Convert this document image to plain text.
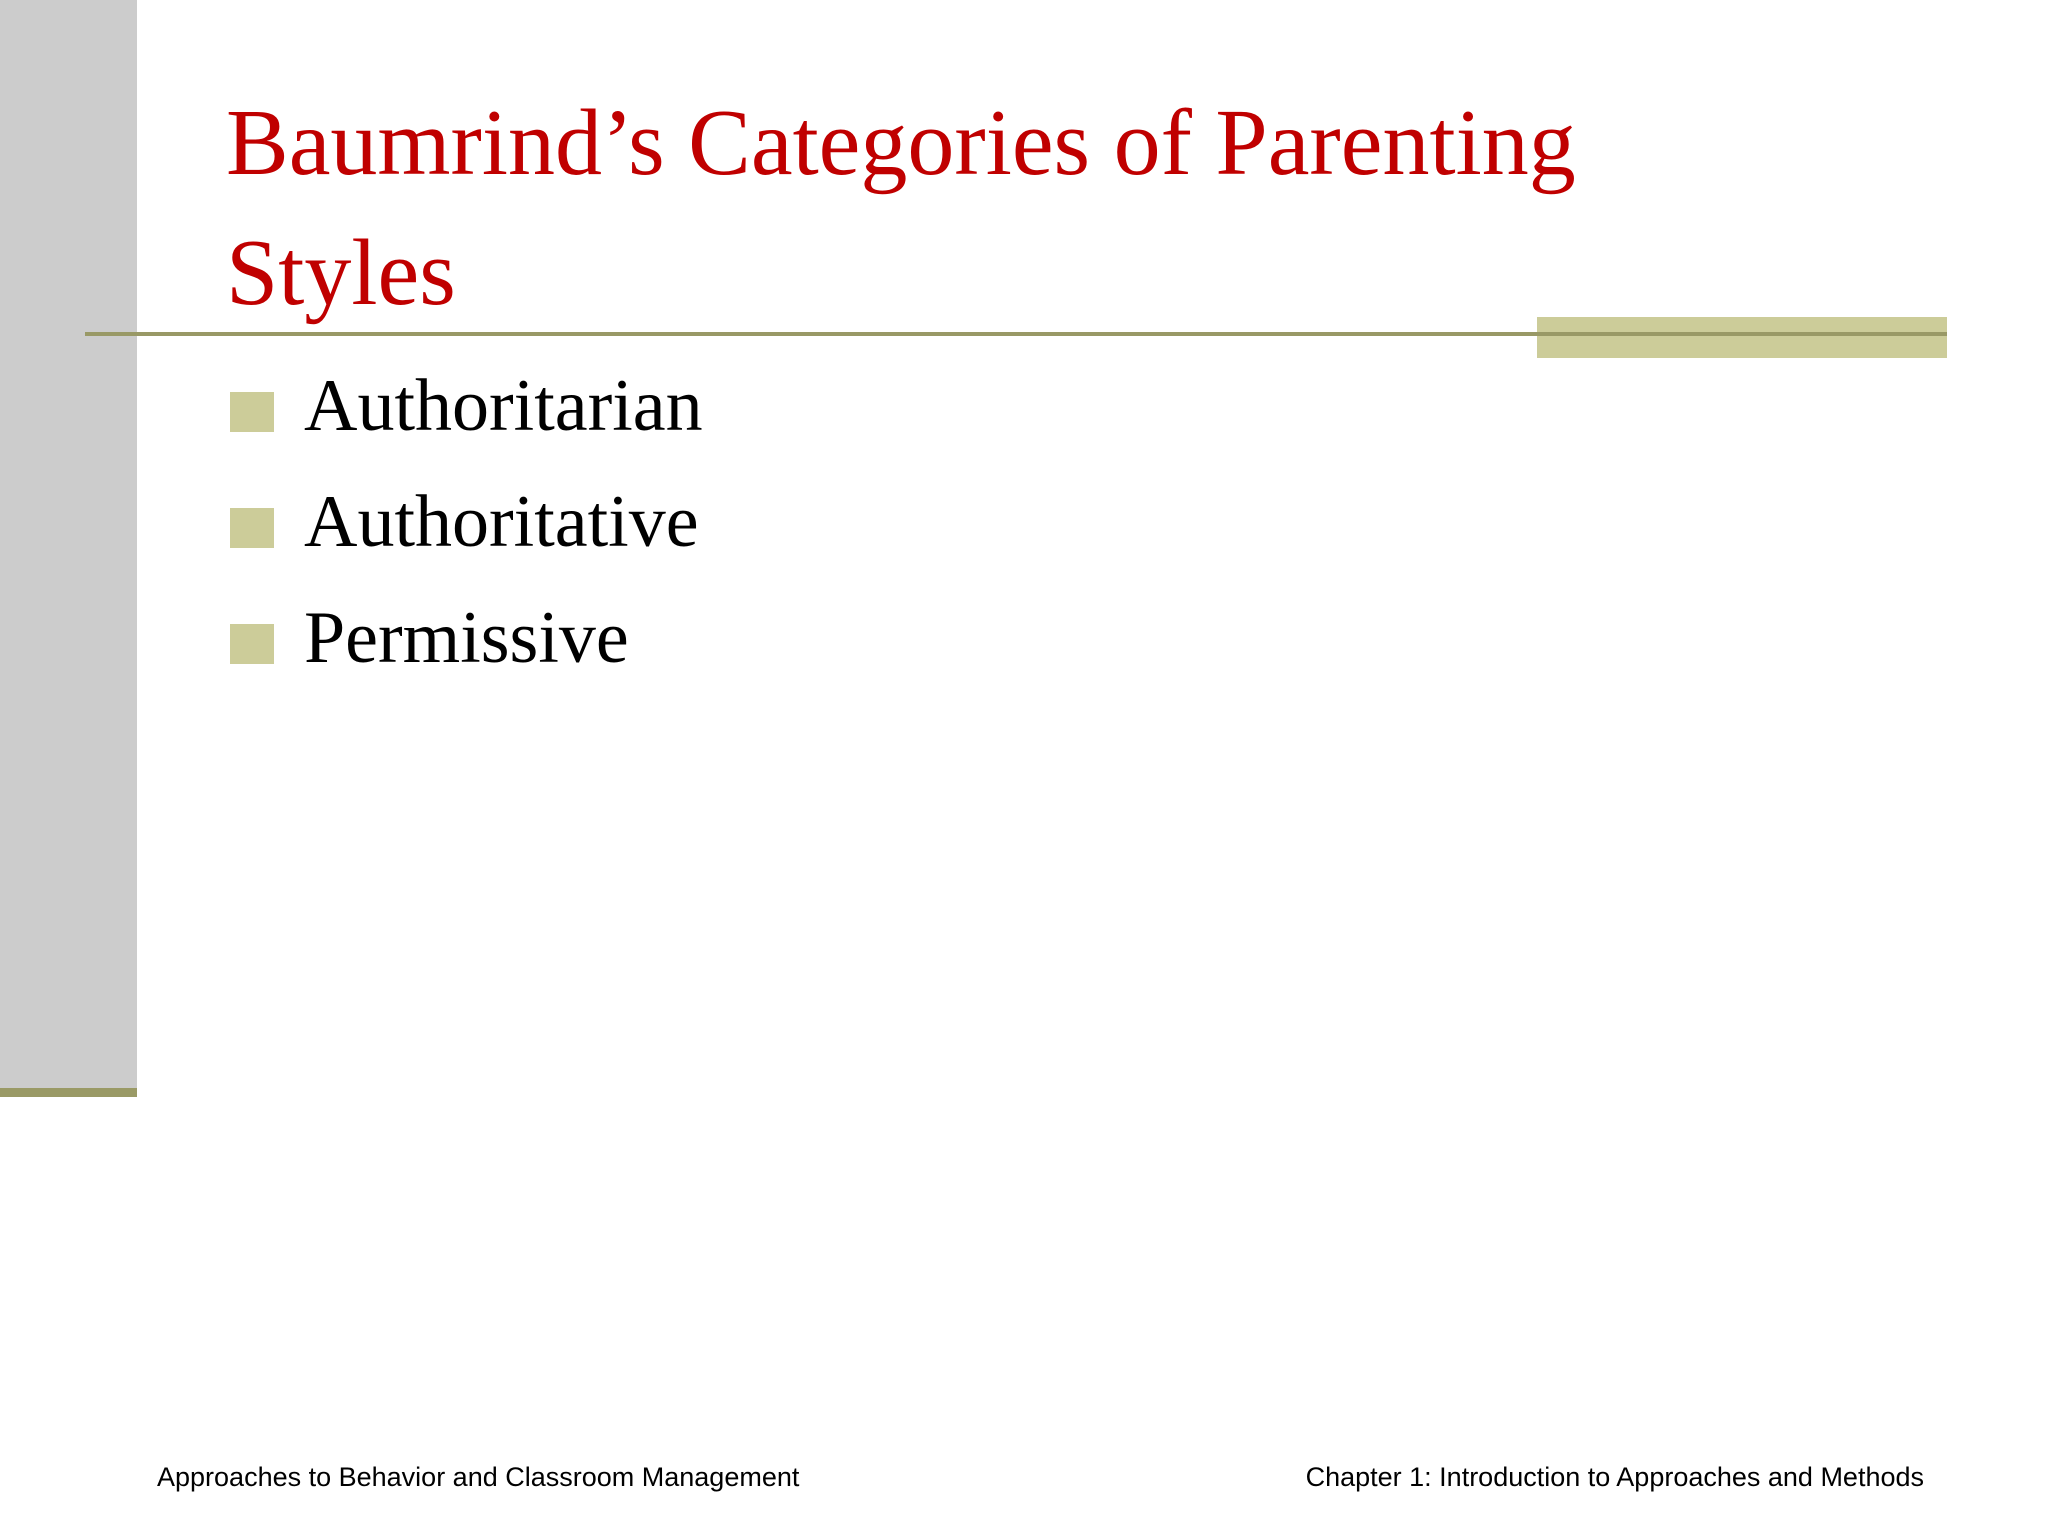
Baumrind’s Categories of Parenting Styles
Authoritarian
Authoritative
Permissive
Approaches to Behavior and Classroom Management	Chapter 1: Introduction to Approaches and Methods
